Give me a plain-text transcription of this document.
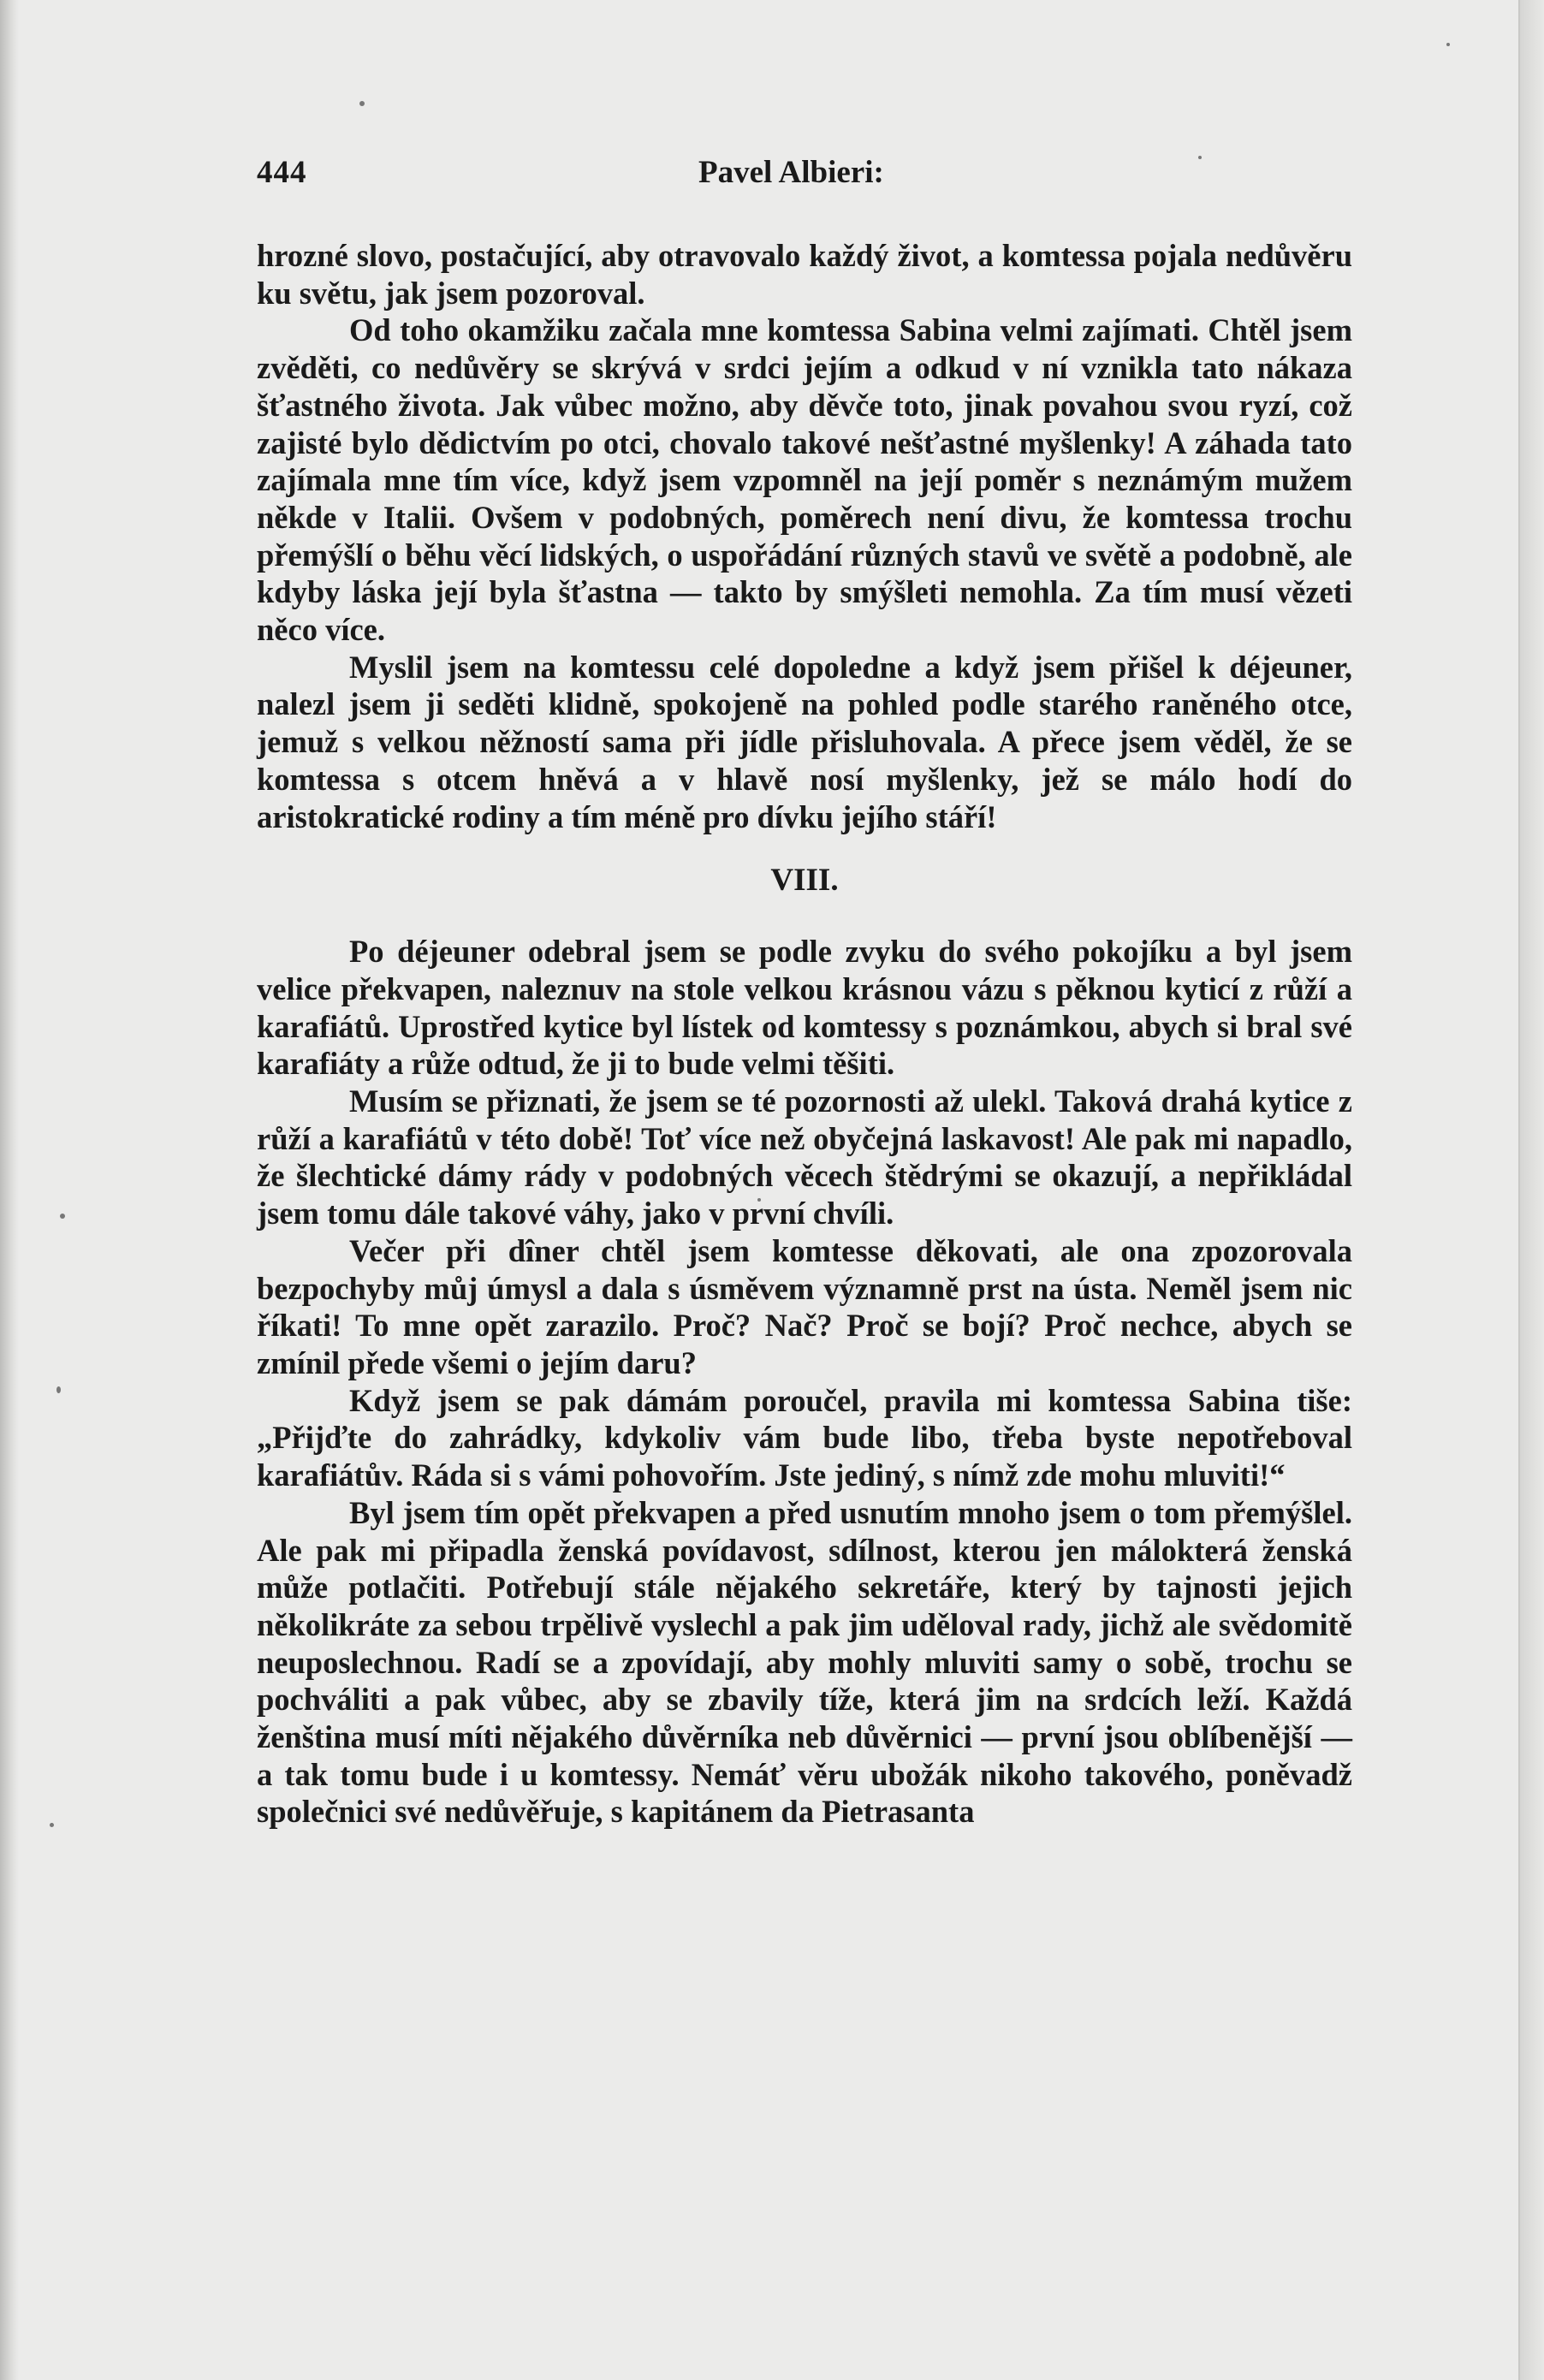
444	Pavel Albieri:

hrozné slovo, postačující, aby otravovalo každý život, a komtessa pojala nedůvěru ku světu, jak jsem pozoroval.

Od toho okamžiku začala mne komtessa Sabina velmi zajímati. Chtěl jsem zvěděti, co nedůvěry se skrývá v srdci jejím a odkud v ní vznikla tato nákaza šťastného života. Jak vůbec možno, aby děvče toto, jinak povahou svou ryzí, což zajisté bylo dědictvím po otci, chovalo takové nešťastné myšlenky! A záhada tato zajímala mne tím více, když jsem vzpomněl na její poměr s neznámým mužem někde v Italii. Ovšem v podobných, poměrech není divu, že komtessa trochu přemýšlí o běhu věcí lidských, o uspořádání různých stavů ve světě a podobně, ale kdyby láska její byla šťastna — takto by smýšleti nemohla. Za tím musí vězeti něco více.

Myslil jsem na komtessu celé dopoledne a když jsem přišel k déjeuner, nalezl jsem ji seděti klidně, spokojeně na pohled podle starého raněného otce, jemuž s velkou něžností sama při jídle přisluhovala. A přece jsem věděl, že se komtessa s otcem hněvá a v hlavě nosí myšlenky, jež se málo hodí do aristokratické rodiny a tím méně pro dívku jejího stáří!

VIII.

Po déjeuner odebral jsem se podle zvyku do svého pokojíku a byl jsem velice překvapen, naleznuv na stole velkou krásnou vázu s pěknou kyticí z růží a karafiátů. Uprostřed kytice byl lístek od komtessy s poznámkou, abych si bral své karafiáty a růže odtud, že ji to bude velmi těšiti.

Musím se přiznati, že jsem se té pozornosti až ulekl. Taková drahá kytice z růží a karafiátů v této době! Toť více než obyčejná laskavost! Ale pak mi napadlo, že šlechtické dámy rády v podobných věcech štědrými se okazují, a nepřikládal jsem tomu dále takové váhy, jako v první chvíli.

Večer při dîner chtěl jsem komtesse děkovati, ale ona zpozorovala bezpochyby můj úmysl a dala s úsměvem významně prst na ústa. Neměl jsem nic říkati! To mne opět zarazilo. Proč? Nač? Proč se bojí? Proč nechce, abych se zmínil přede všemi o jejím daru?

Když jsem se pak dámám poroučel, pravila mi komtessa Sabina tiše: „Přijďte do zahrádky, kdykoliv vám bude libo, třeba byste nepotřeboval karafiátův. Ráda si s vámi pohovořím. Jste jediný, s nímž zde mohu mluviti!“

Byl jsem tím opět překvapen a před usnutím mnoho jsem o tom přemýšlel. Ale pak mi připadla ženská povídavost, sdílnost, kterou jen málokterá ženská může potlačiti. Potřebují stále nějakého sekretáře, který by tajnosti jejich několikráte za sebou trpělivě vyslechl a pak jim uděloval rady, jichž ale svědomitě neuposlechnou. Radí se a zpovídají, aby mohly mluviti samy o sobě, trochu se pochváliti a pak vůbec, aby se zbavily tíže, která jim na srdcích leží. Každá ženština musí míti nějakého důvěrníka neb důvěrnici — první jsou oblíbenější — a tak tomu bude i u komtessy. Nemáť věru ubožák nikoho takového, poněvadž společnici své nedůvěřuje, s kapitánem da Pietrasanta
